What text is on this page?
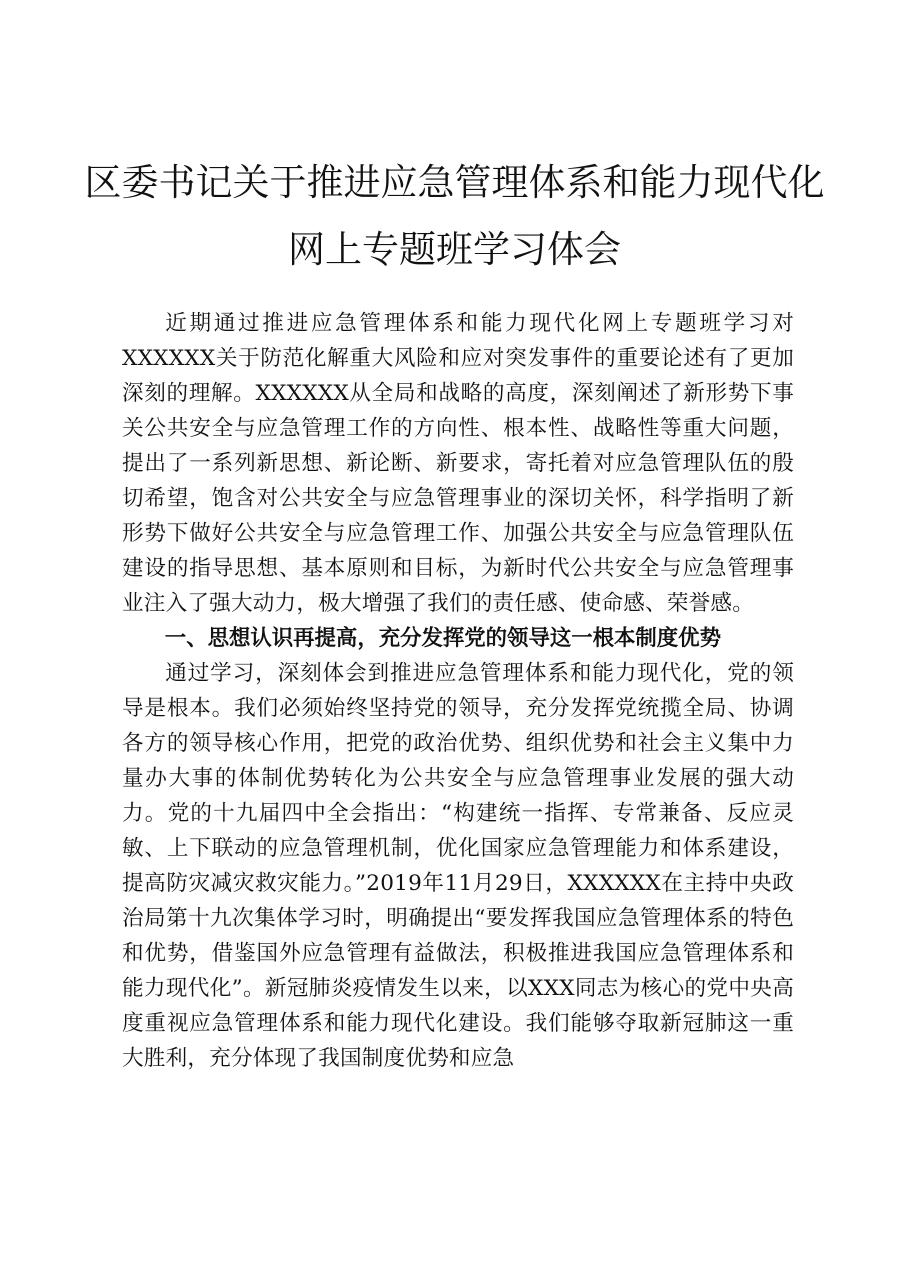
区委书记关于推进应急管理体系和能力现代化
网上专题班学习体会

近期通过推进应急管理体系和能力现代化网上专题班学习对XXXXXX关于防范化解重大风险和应对突发事件的重要论述有了更加深刻的理解。XXXXXX从全局和战略的高度，深刻阐述了新形势下事关公共安全与应急管理工作的方向性、根本性、战略性等重大问题，提出了一系列新思想、新论断、新要求，寄托着对应急管理队伍的殷切希望，饱含对公共安全与应急管理事业的深切关怀，科学指明了新形势下做好公共安全与应急管理工作、加强公共安全与应急管理队伍建设的指导思想、基本原则和目标，为新时代公共安全与应急管理事业注入了强大动力，极大增强了我们的责任感、使命感、荣誉感。

一、思想认识再提高，充分发挥党的领导这一根本制度优势

通过学习，深刻体会到推进应急管理体系和能力现代化，党的领导是根本。我们必须始终坚持党的领导，充分发挥党统揽全局、协调各方的领导核心作用，把党的政治优势、组织优势和社会主义集中力量办大事的体制优势转化为公共安全与应急管理事业发展的强大动力。党的十九届四中全会指出：“构建统一指挥、专常兼备、反应灵敏、上下联动的应急管理机制，优化国家应急管理能力和体系建设，提高防灾减灾救灾能力。”2019年11月29日，XXXXXX在主持中央政治局第十九次集体学习时，明确提出“要发挥我国应急管理体系的特色和优势，借鉴国外应急管理有益做法，积极推进我国应急管理体系和能力现代化”。新冠肺炎疫情发生以来，以XXX同志为核心的党中央高度重视应急管理体系和能力现代化建设。我们能够夺取新冠肺这一重大胜利，充分体现了我国制度优势和应急
